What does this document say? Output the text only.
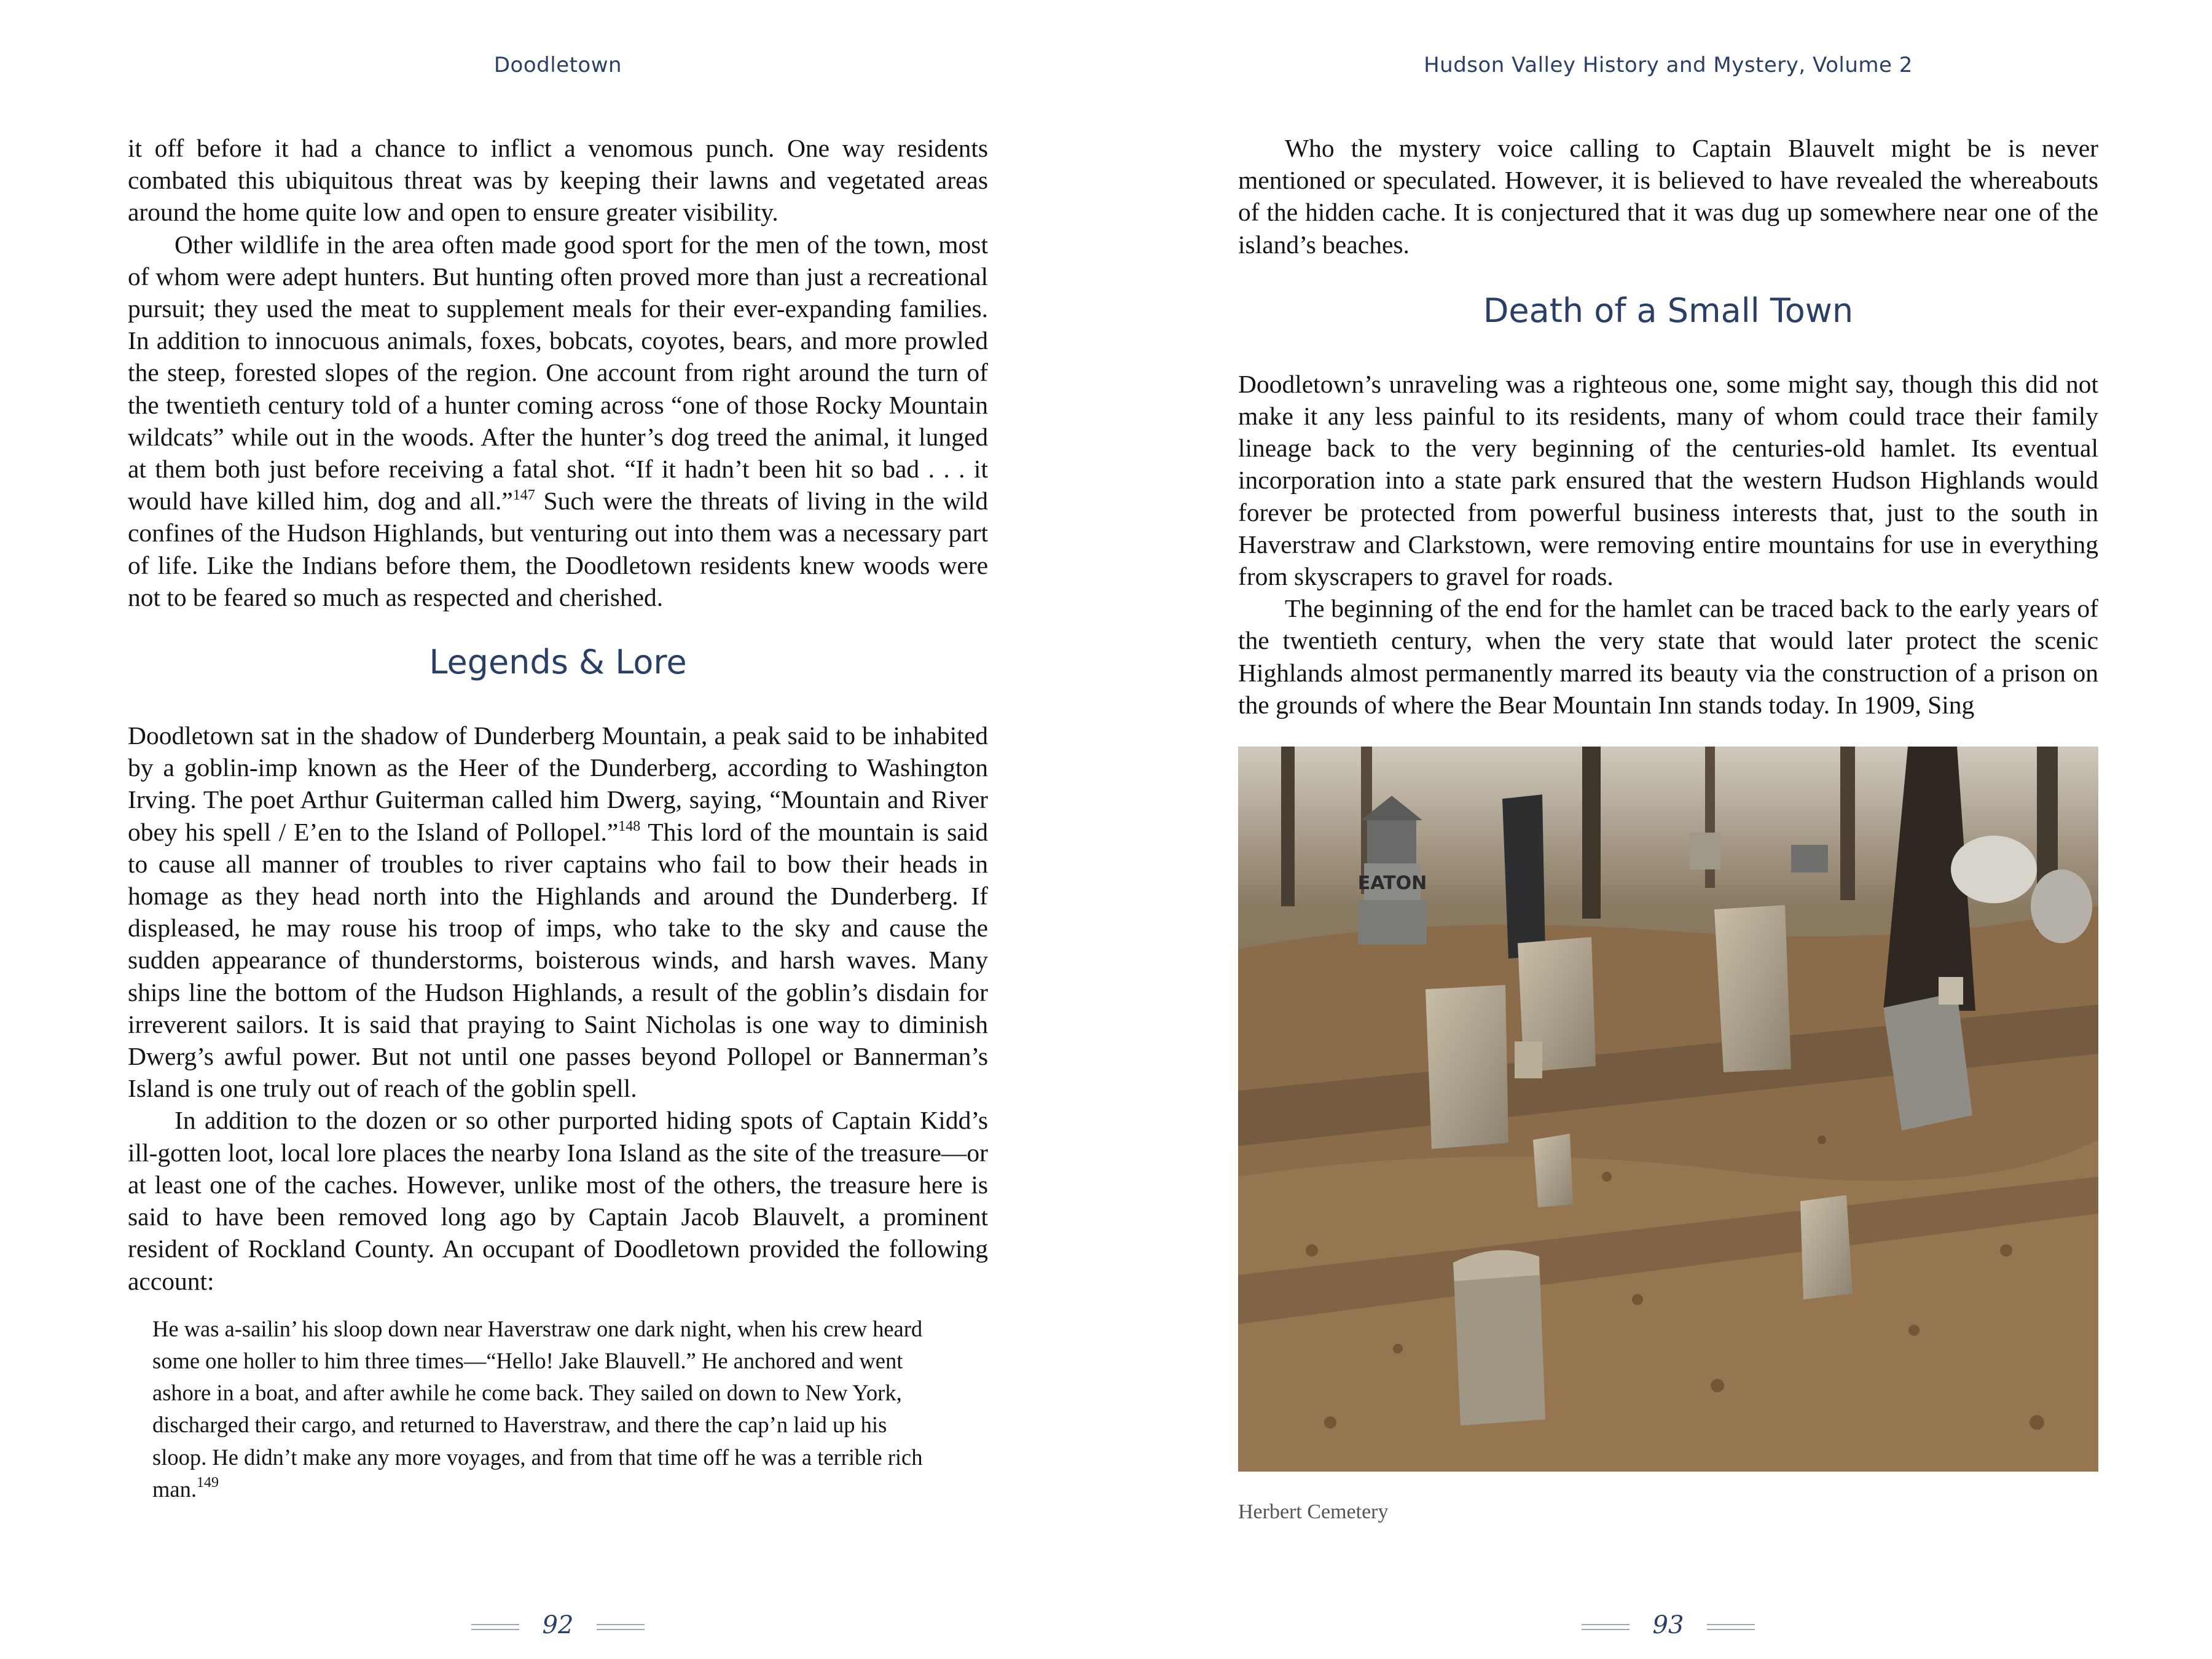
Doodletown

it off before it had a chance to inflict a venomous punch. One way residents combated this ubiquitous threat was by keeping their lawns and vegetated areas around the home quite low and open to ensure greater visibility.

Other wildlife in the area often made good sport for the men of the town, most of whom were adept hunters. But hunting often proved more than just a recreational pursuit; they used the meat to supplement meals for their ever-expanding families. In addition to innocuous animals, foxes, bobcats, coyotes, bears, and more prowled the steep, forested slopes of the region. One account from right around the turn of the twentieth century told of a hunter coming across “one of those Rocky Mountain wildcats” while out in the woods. After the hunter’s dog treed the animal, it lunged at them both just before receiving a fatal shot. “If it hadn’t been hit so bad . . . it would have killed him, dog and all.”$^{147}$ Such were the threats of living in the wild confines of the Hudson Highlands, but venturing out into them was a necessary part of life. Like the Indians before them, the Doodletown residents knew woods were not to be feared so much as respected and cherished.

Legends & Lore

Doodletown sat in the shadow of Dunderberg Mountain, a peak said to be inhabited by a goblin-imp known as the Heer of the Dunderberg, according to Washington Irving. The poet Arthur Guiterman called him Dwerg, saying, “Mountain and River obey his spell / E’en to the Island of Pollopel.”$^{148}$ This lord of the mountain is said to cause all manner of troubles to river captains who fail to bow their heads in homage as they head north into the Highlands and around the Dunderberg. If displeased, he may rouse his troop of imps, who take to the sky and cause the sudden appearance of thunderstorms, boisterous winds, and harsh waves. Many ships line the bottom of the Hudson Highlands, a result of the goblin’s disdain for irreverent sailors. It is said that praying to Saint Nicholas is one way to diminish Dwerg’s awful power. But not until one passes beyond Pollopel or Bannerman’s Island is one truly out of reach of the goblin spell.

In addition to the dozen or so other purported hiding spots of Captain Kidd’s ill-gotten loot, local lore places the nearby Iona Island as the site of the treasure—or at least one of the caches. However, unlike most of the others, the treasure here is said to have been removed long ago by Captain Jacob Blauvelt, a prominent resident of Rockland County. An occupant of Doodletown provided the following account:

He was a-sailin’ his sloop down near Haverstraw one dark night, when his crew heard some one holler to him three times—“Hello! Jake Blauvell.” He anchored and went ashore in a boat, and after awhile he come back. They sailed on down to New York, discharged their cargo, and returned to Haverstraw, and there the cap’n laid up his sloop. He didn’t make any more voyages, and from that time off he was a terrible rich man.$^{149}$

92
Hudson Valley History and Mystery, Volume 2

Who the mystery voice calling to Captain Blauvelt might be is never mentioned or speculated. However, it is believed to have revealed the whereabouts of the hidden cache. It is conjectured that it was dug up somewhere near one of the island’s beaches.

Death of a Small Town

Doodletown’s unraveling was a righteous one, some might say, though this did not make it any less painful to its residents, many of whom could trace their family lineage back to the very beginning of the centuries-old hamlet. Its eventual incorporation into a state park ensured that the western Hudson Highlands would forever be protected from powerful business interests that, just to the south in Haverstraw and Clarkstown, were removing entire mountains for use in everything from skyscrapers to gravel for roads.

The beginning of the end for the hamlet can be traced back to the early years of the twentieth century, when the very state that would later protect the scenic Highlands almost permanently marred its beauty via the construction of a prison on the grounds of where the Bear Mountain Inn stands today. In 1909, Sing

EATON
Herbert Cemetery
93
